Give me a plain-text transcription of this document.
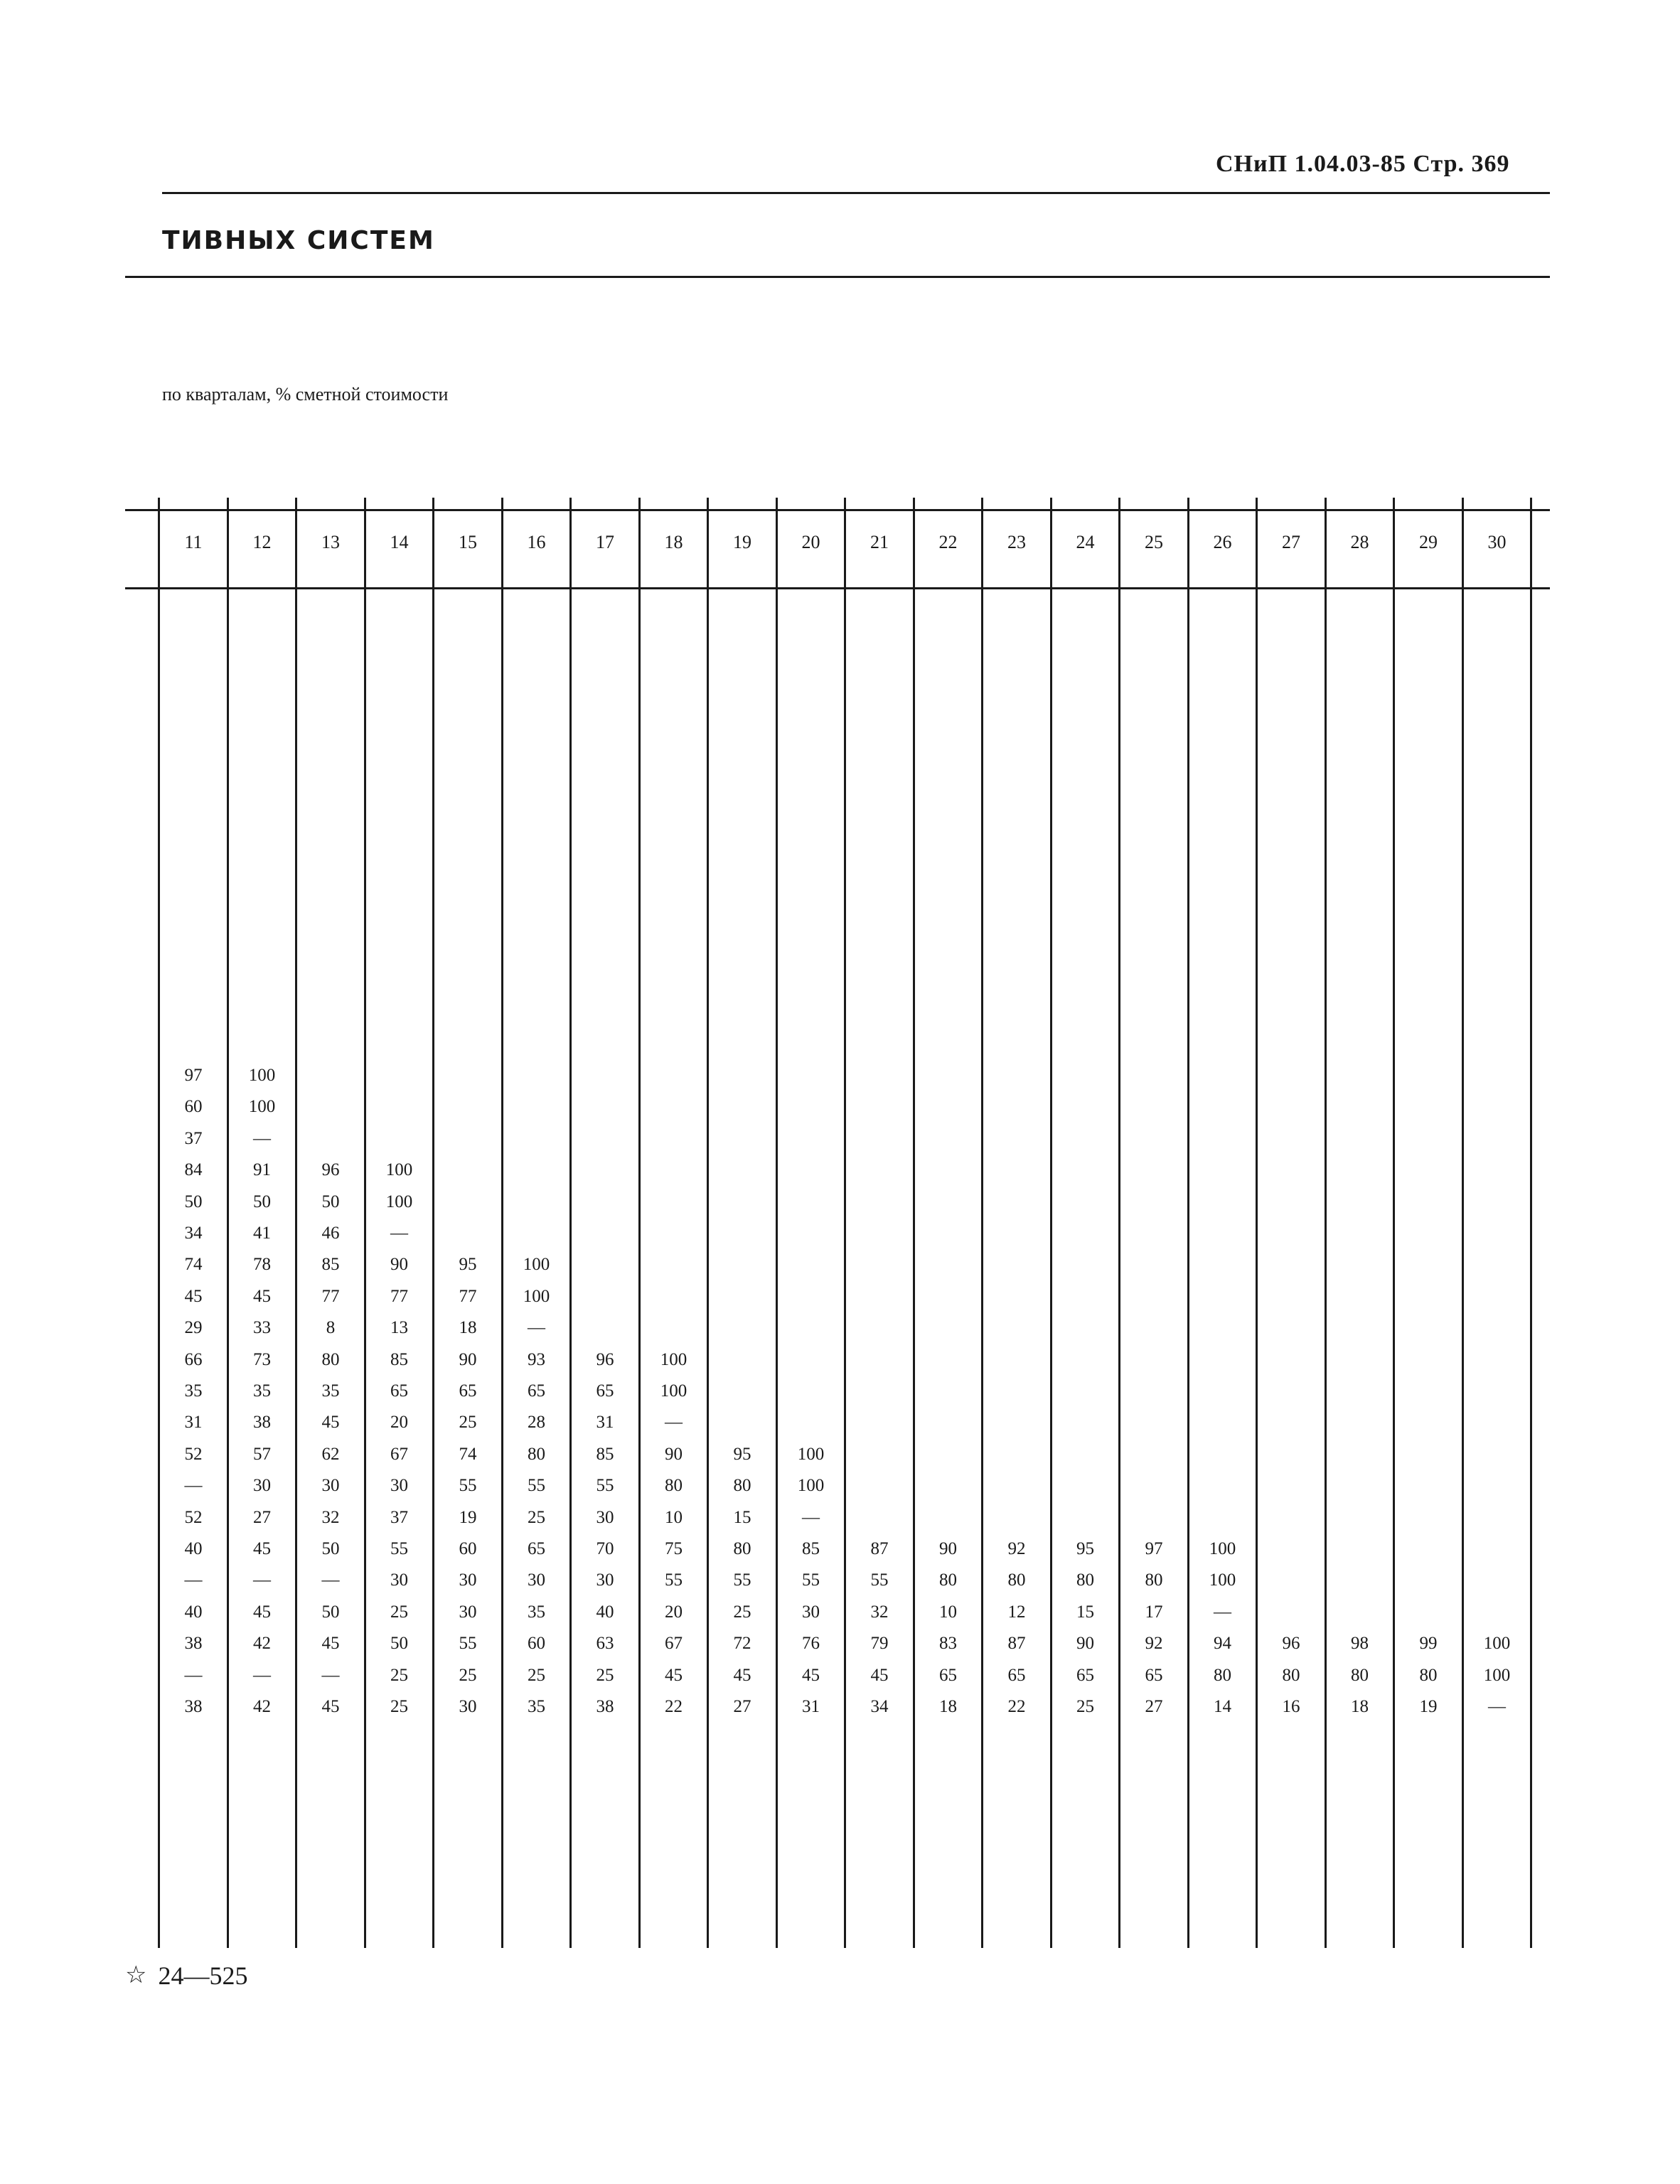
СНиП 1.04.03-85 Стр. 369
ТИВНЫХ СИСТЕМ
по кварталам, % сметной стоимости
11	12	13	14	15	16	17	18	19	20	21	22	23	24	25	26	27	28	29	30
97	100
60	100
37	—
84	91	96	100
50	50	50	100
34	41	46	—
74	78	85	90	95	100
45	45	77	77	77	100
29	33	8	13	18	—
66	73	80	85	90	93	96	100
35	35	35	65	65	65	65	100
31	38	45	20	25	28	31	—
52	57	62	67	74	80	85	90	95	100
—	30	30	30	55	55	55	80	80	100
52	27	32	37	19	25	30	10	15	—
40	45	50	55	60	65	70	75	80	85	87	90	92	95	97	100
—	—	—	30	30	30	30	55	55	55	55	80	80	80	80	100
40	45	50	25	30	35	40	20	25	30	32	10	12	15	17	—
38	42	45	50	55	60	63	67	72	76	79	83	87	90	92	94	96	98	99	100
—	—	—	25	25	25	25	45	45	45	45	65	65	65	65	80	80	80	80	100
38	42	45	25	30	35	38	22	27	31	34	18	22	25	27	14	16	18	19	—
☆ 24—525
